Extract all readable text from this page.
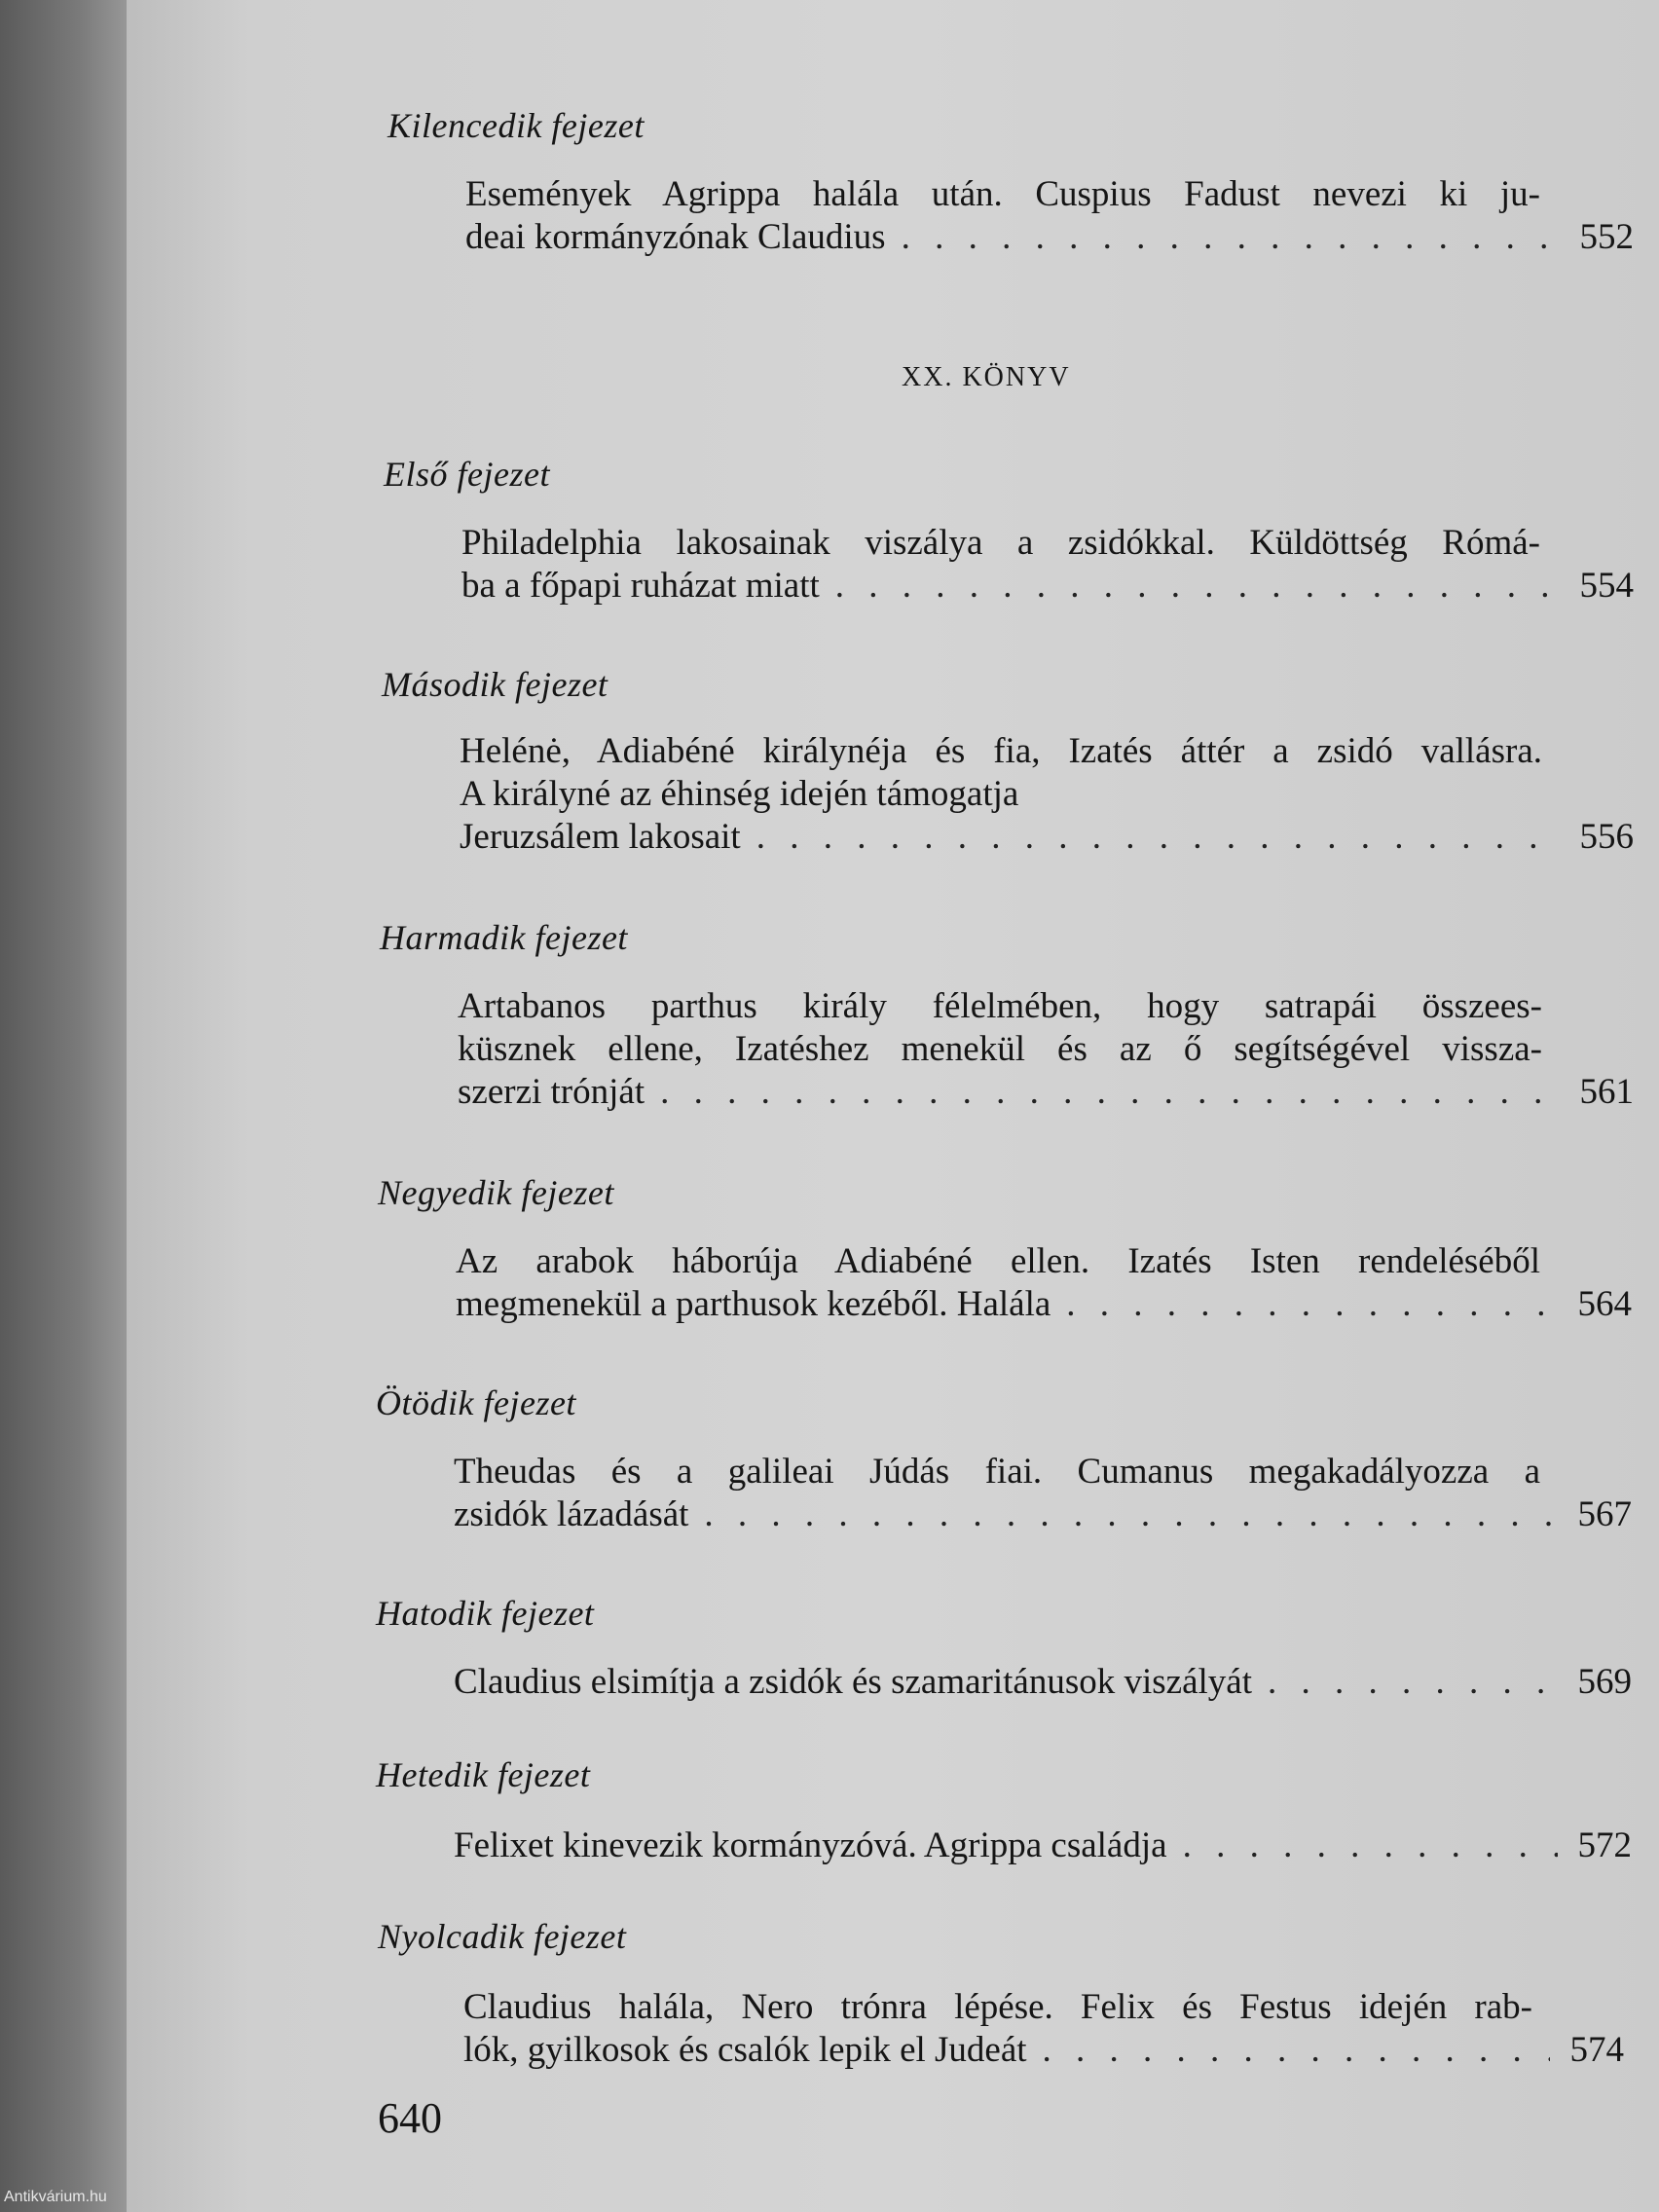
Kilencedik fejezet
Események Agrippa halála után. Cuspius Fadust nevezi ki ju-
deai kormányzónak Claudius . . .	552
XX. KÖNYV
Első fejezet
Philadelphia lakosainak viszálya a zsidókkal. Küldöttség Rómá-
ba a főpapi ruházat miatt . . .	554
Második fejezet
Helénė, Adiabéné királynéja és fia, Izatés áttér a zsidó vallásra.
A királyné az éhinség idején támogatja
Jeruzsálem lakosait . . .	556
Harmadik fejezet
Artabanos parthus király félelmében, hogy satrapái összees-
küsznek ellene, Izatéshez menekül és az ő segítségével vissza-
szerzi trónját . . .	561
Negyedik fejezet
Az arabok háborúja Adiabéné ellen. Izatés Isten rendeléséből
megmenekül a parthusok kezéből. Halála . . .	564
Ötödik fejezet
Theudas és a galileai Júdás fiai. Cumanus megakadályozza a
zsidók lázadását . . .	567
Hatodik fejezet
Claudius elsimítja a zsidók és szamaritánusok viszályát . . .	569
Hetedik fejezet
Felixet kinevezik kormányzóvá. Agrippa családja . . .	572
Nyolcadik fejezet
Claudius halála, Nero trónra lépése. Felix és Festus idején rab-
lók, gyilkosok és csalók lepik el Judeát . . .	574
640
Antikvárium.hu
